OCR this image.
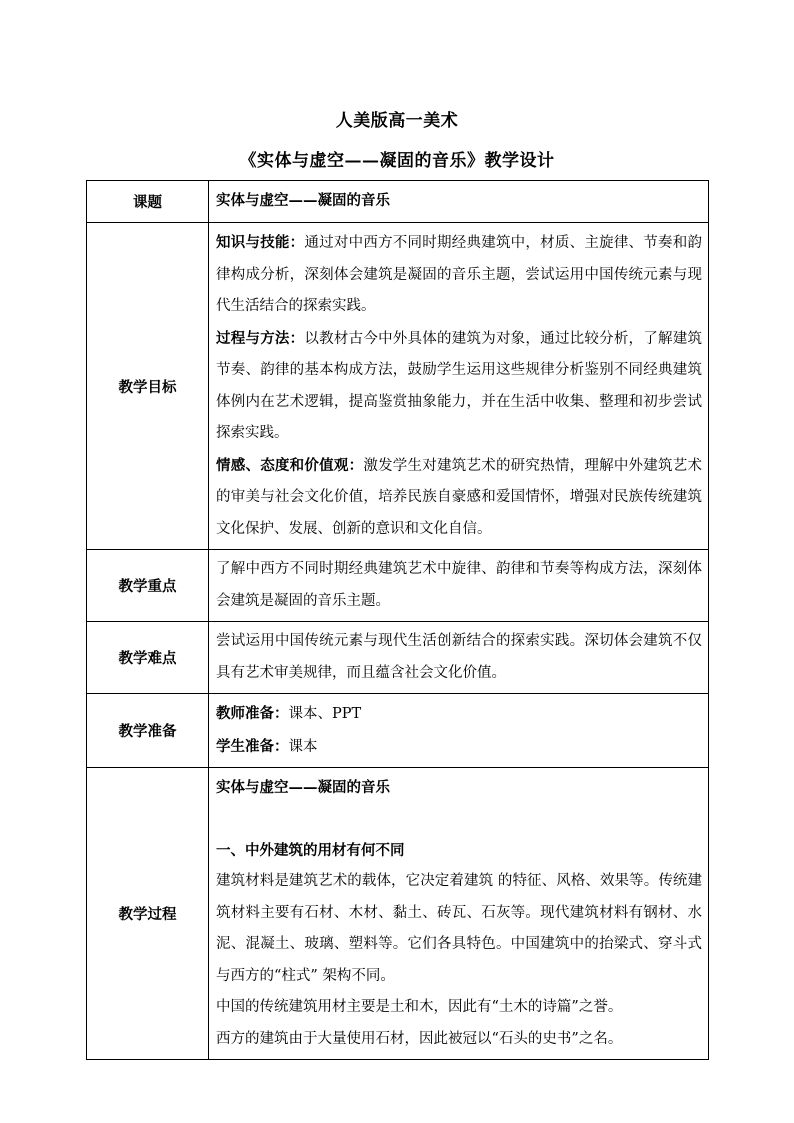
人美版高一美术
《实体与虚空——凝固的音乐》教学设计
课题	实体与虚空——凝固的音乐
教学目标	知识与技能：通过对中西方不同时期经典建筑中，材质、主旋律、节奏和韵律构成分析，深刻体会建筑是凝固的音乐主题，尝试运用中国传统元素与现代生活结合的探索实践。

过程与方法：以教材古今中外具体的建筑为对象，通过比较分析，了解建筑节奏、韵律的基本构成方法，鼓励学生运用这些规律分析鉴别不同经典建筑体例内在艺术逻辑，提高鉴赏抽象能力，并在生活中收集、整理和初步尝试探索实践。

情感、态度和价值观：激发学生对建筑艺术的研究热情，理解中外建筑艺术的审美与社会文化价值，培养民族自豪感和爱国情怀，增强对民族传统建筑文化保护、发展、创新的意识和文化自信。

教学重点	了解中西方不同时期经典建筑艺术中旋律、韵律和节奏等构成方法，深刻体会建筑是凝固的音乐主题。
教学难点	尝试运用中国传统元素与现代生活创新结合的探索实践。深切体会建筑不仅具有艺术审美规律，而且蕴含社会文化价值。
教学准备	教师准备：课本、PPT

学生准备：课本

教学过程	实体与虚空——凝固的音乐

一、中外建筑的用材有何不同

建筑材料是建筑艺术的载体，它决定着建筑 的特征、风格、效果等。传统建筑材料主要有石材、木材、黏土、砖瓦、石灰等。现代建筑材料有钢材、水泥、混凝土、玻璃、塑料等。它们各具特色。中国建筑中的抬梁式、穿斗式与西方的“柱式” 架构不同。

中国的传统建筑用材主要是土和木，因此有“土木的诗篇”之誉。

西方的建筑由于大量使用石材，因此被冠以“石头的史书”之名。
